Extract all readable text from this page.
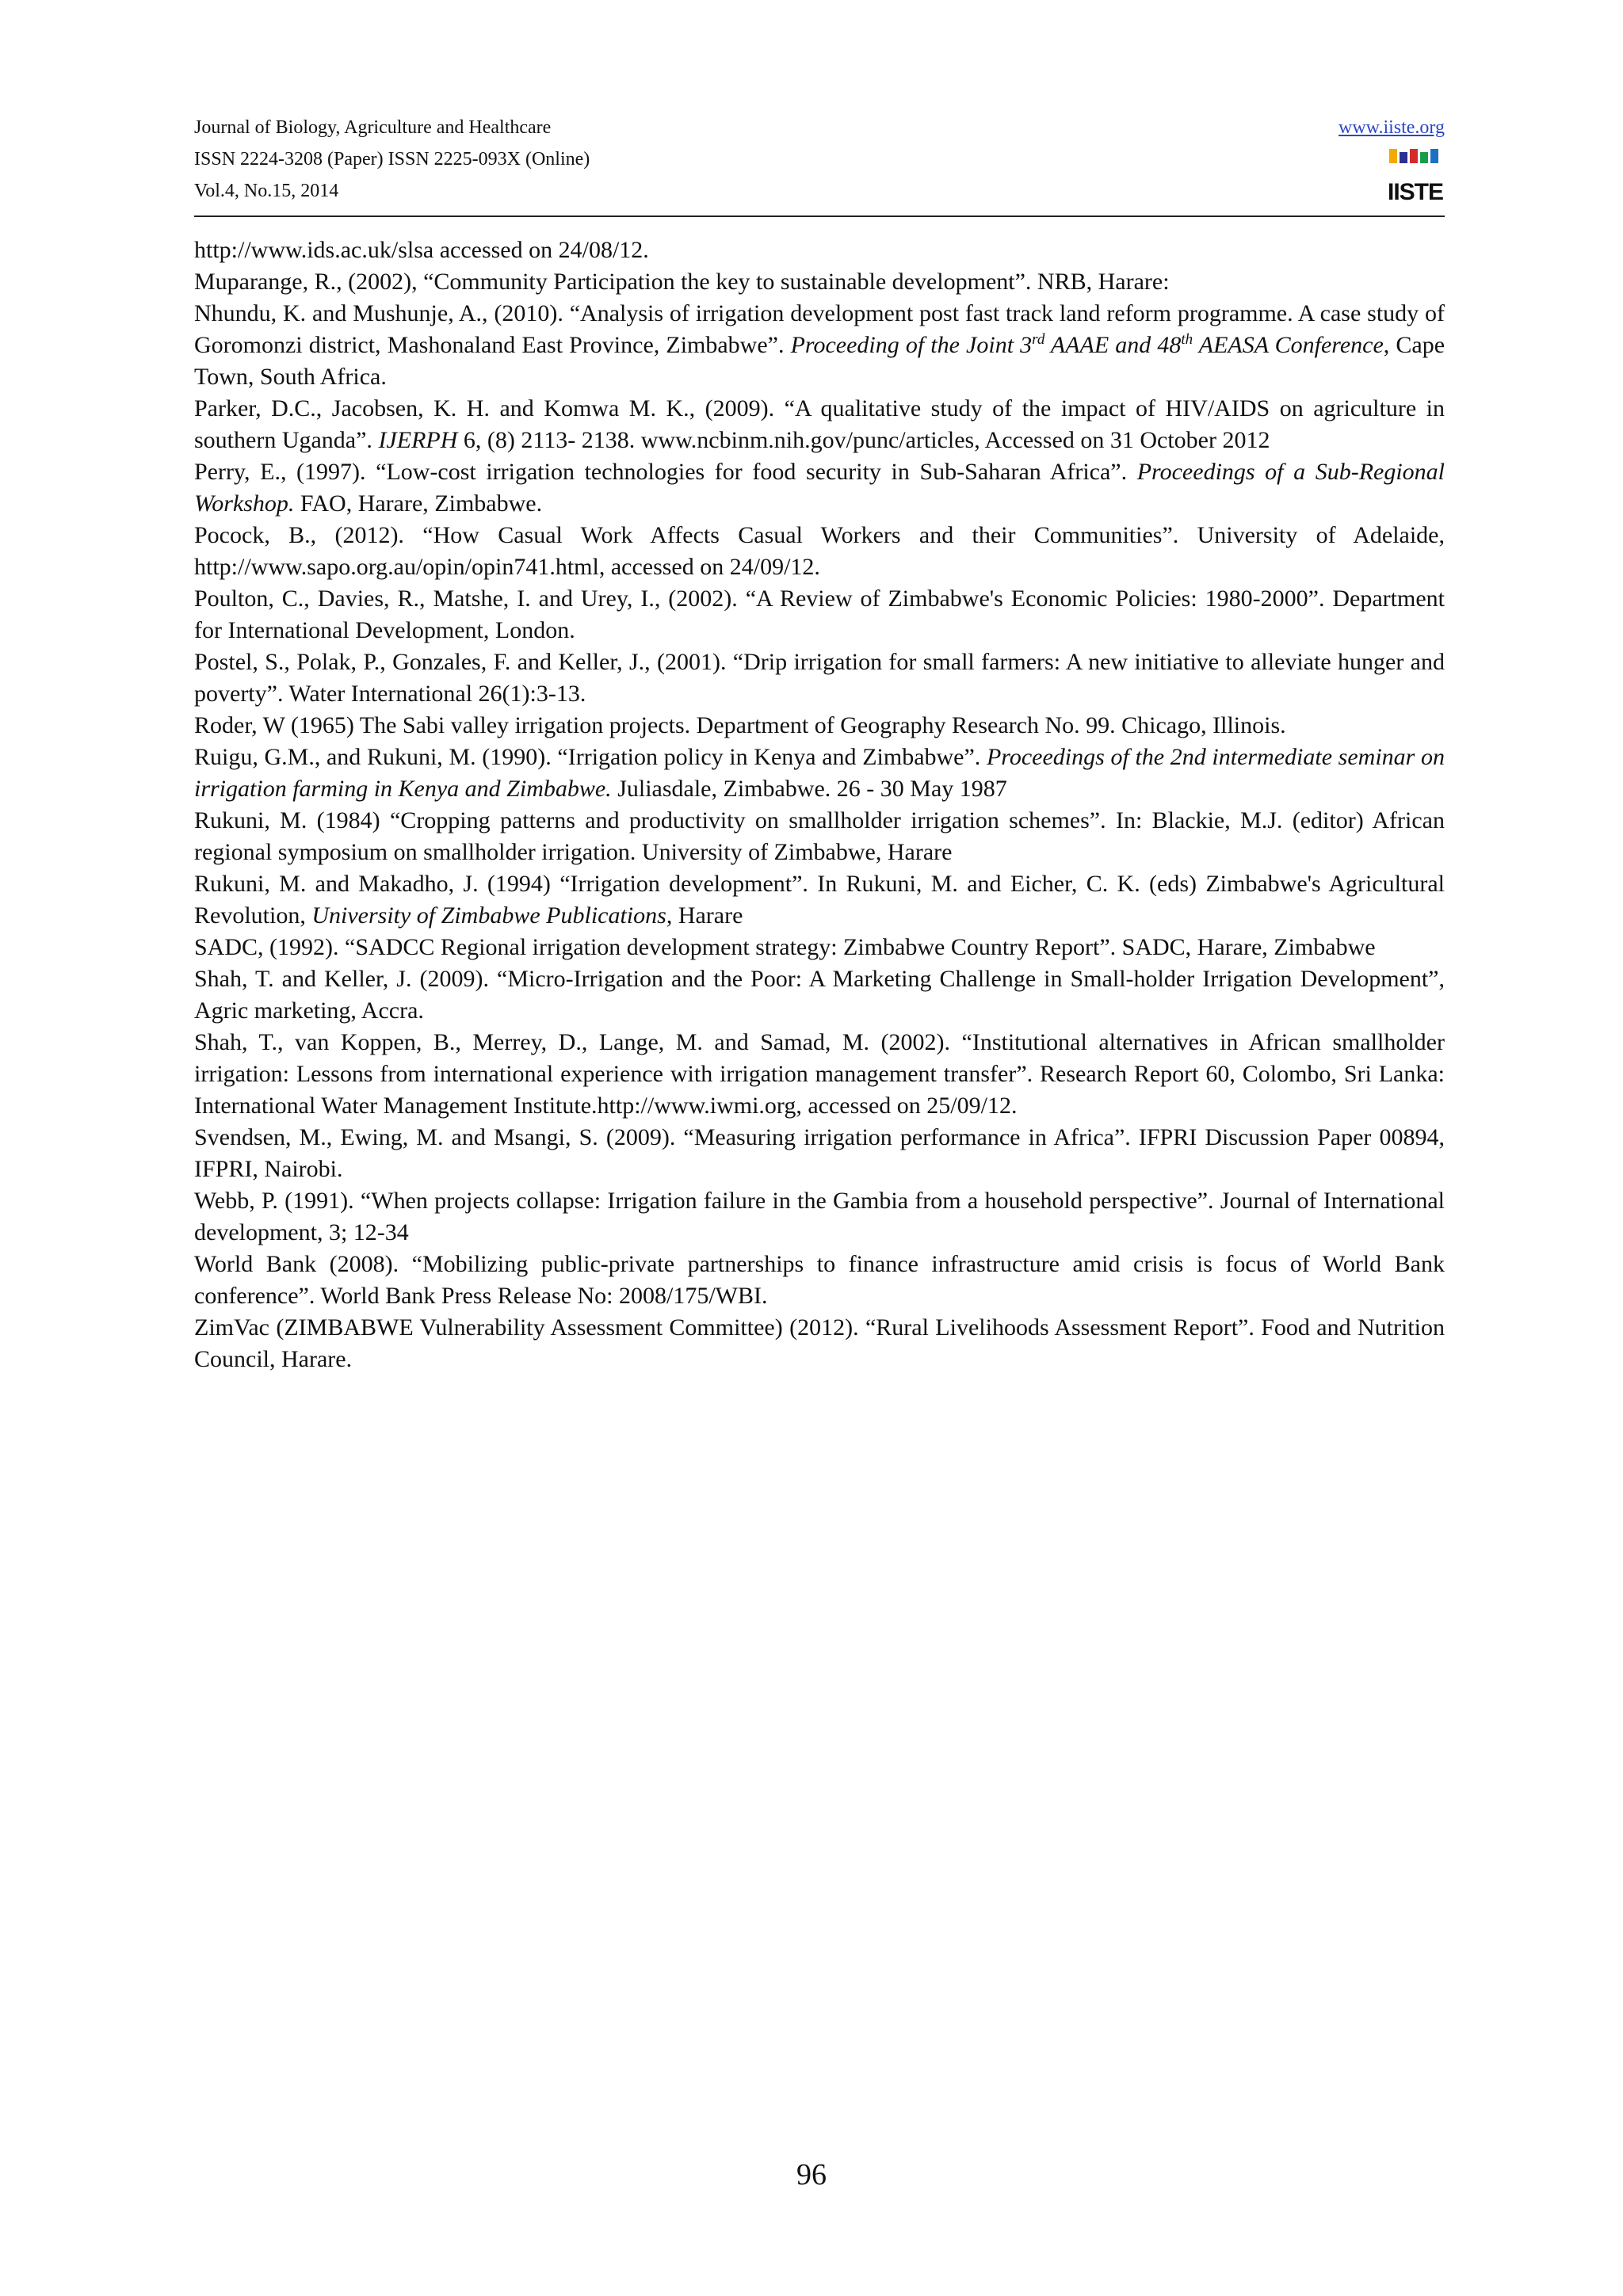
Journal of Biology, Agriculture and Healthcare
ISSN 2224-3208 (Paper) ISSN 2225-093X (Online)
Vol.4, No.15, 2014
www.iiste.org
IISTE

http://www.ids.ac.uk/slsa accessed on 24/08/12.

Muparange, R., (2002), “Community Participation the key to sustainable development”. NRB, Harare:

Nhundu, K. and Mushunje, A., (2010). “Analysis of irrigation development post fast track land reform programme. A case study of Goromonzi district, Mashonaland East Province, Zimbabwe”. Proceeding of the Joint 3rd AAAE and 48th AEASA Conference, Cape Town, South Africa.

Parker, D.C., Jacobsen, K. H. and Komwa M. K., (2009). “A qualitative study of the impact of HIV/AIDS on agriculture in southern Uganda”. IJERPH 6, (8) 2113- 2138. www.ncbinm.nih.gov/punc/articles, Accessed on 31 October 2012

Perry, E., (1997). “Low-cost irrigation technologies for food security in Sub-Saharan Africa”. Proceedings of a Sub-Regional Workshop. FAO, Harare, Zimbabwe.

Pocock, B., (2012). “How Casual Work Affects Casual Workers and their Communities”. University of Adelaide, http://www.sapo.org.au/opin/opin741.html, accessed on 24/09/12.

Poulton, C., Davies, R., Matshe, I. and Urey, I., (2002). “A Review of Zimbabwe's Economic Policies: 1980-2000”. Department for International Development, London.

Postel, S., Polak, P., Gonzales, F. and Keller, J., (2001). “Drip irrigation for small farmers: A new initiative to alleviate hunger and poverty”. Water International 26(1):3-13.

Roder, W (1965) The Sabi valley irrigation projects. Department of Geography Research No. 99. Chicago, Illinois.

Ruigu, G.M., and Rukuni, M. (1990). “Irrigation policy in Kenya and Zimbabwe”. Proceedings of the 2nd intermediate seminar on irrigation farming in Kenya and Zimbabwe. Juliasdale, Zimbabwe. 26 - 30 May 1987

Rukuni, M. (1984) “Cropping patterns and productivity on smallholder irrigation schemes”. In: Blackie, M.J. (editor) African regional symposium on smallholder irrigation. University of Zimbabwe, Harare

Rukuni, M. and Makadho, J. (1994) “Irrigation development”. In Rukuni, M. and Eicher, C. K. (eds) Zimbabwe's Agricultural Revolution, University of Zimbabwe Publications, Harare

SADC, (1992). “SADCC Regional irrigation development strategy: Zimbabwe Country Report”. SADC, Harare, Zimbabwe

Shah, T. and Keller, J. (2009). “Micro-Irrigation and the Poor: A Marketing Challenge in Small-holder Irrigation Development”, Agric marketing, Accra.

Shah, T., van Koppen, B., Merrey, D., Lange, M. and Samad, M. (2002). “Institutional alternatives in African smallholder irrigation: Lessons from international experience with irrigation management transfer”. Research Report 60, Colombo, Sri Lanka: International Water Management Institute.http://www.iwmi.org, accessed on 25/09/12.

Svendsen, M., Ewing, M. and Msangi, S. (2009). “Measuring irrigation performance in Africa”. IFPRI Discussion Paper 00894, IFPRI, Nairobi.

Webb, P. (1991). “When projects collapse: Irrigation failure in the Gambia from a household perspective”. Journal of International development, 3; 12-34

World Bank (2008). “Mobilizing public-private partnerships to finance infrastructure amid crisis is focus of World Bank conference”. World Bank Press Release No: 2008/175/WBI.

ZimVac (ZIMBABWE Vulnerability Assessment Committee) (2012). “Rural Livelihoods Assessment Report”. Food and Nutrition Council, Harare.

96
